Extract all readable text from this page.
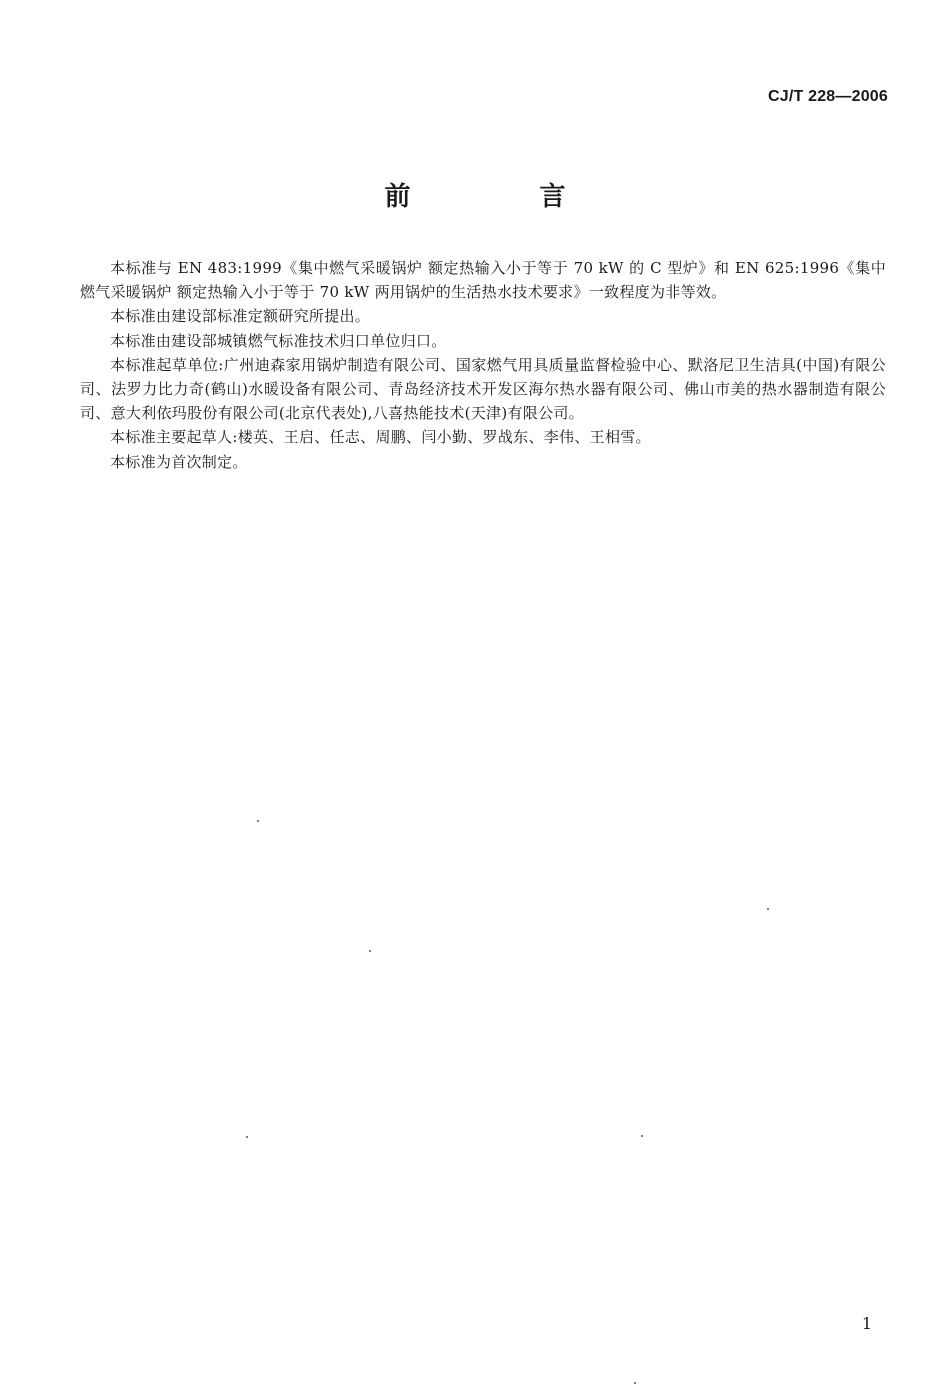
CJ/T 228—2006
前 言

本标准与 EN 483:1999《集中燃气采暖锅炉 额定热输入小于等于 70 kW 的 C 型炉》和 EN 625:1996《集中燃气采暖锅炉 额定热输入小于等于 70 kW 两用锅炉的生活热水技术要求》一致程度为非等效。

本标准由建设部标准定额研究所提出。

本标准由建设部城镇燃气标准技术归口单位归口。

本标准起草单位:广州迪森家用锅炉制造有限公司、国家燃气用具质量监督检验中心、默洛尼卫生洁具(中国)有限公司、法罗力比力奇(鹤山)水暖设备有限公司、青岛经济技术开发区海尔热水器有限公司、佛山市美的热水器制造有限公司、意大利依玛股份有限公司(北京代表处),八喜热能技术(天津)有限公司。

本标准主要起草人:楼英、王启、任志、周鹏、闫小勤、罗战东、李伟、王相雪。

本标准为首次制定。

1
